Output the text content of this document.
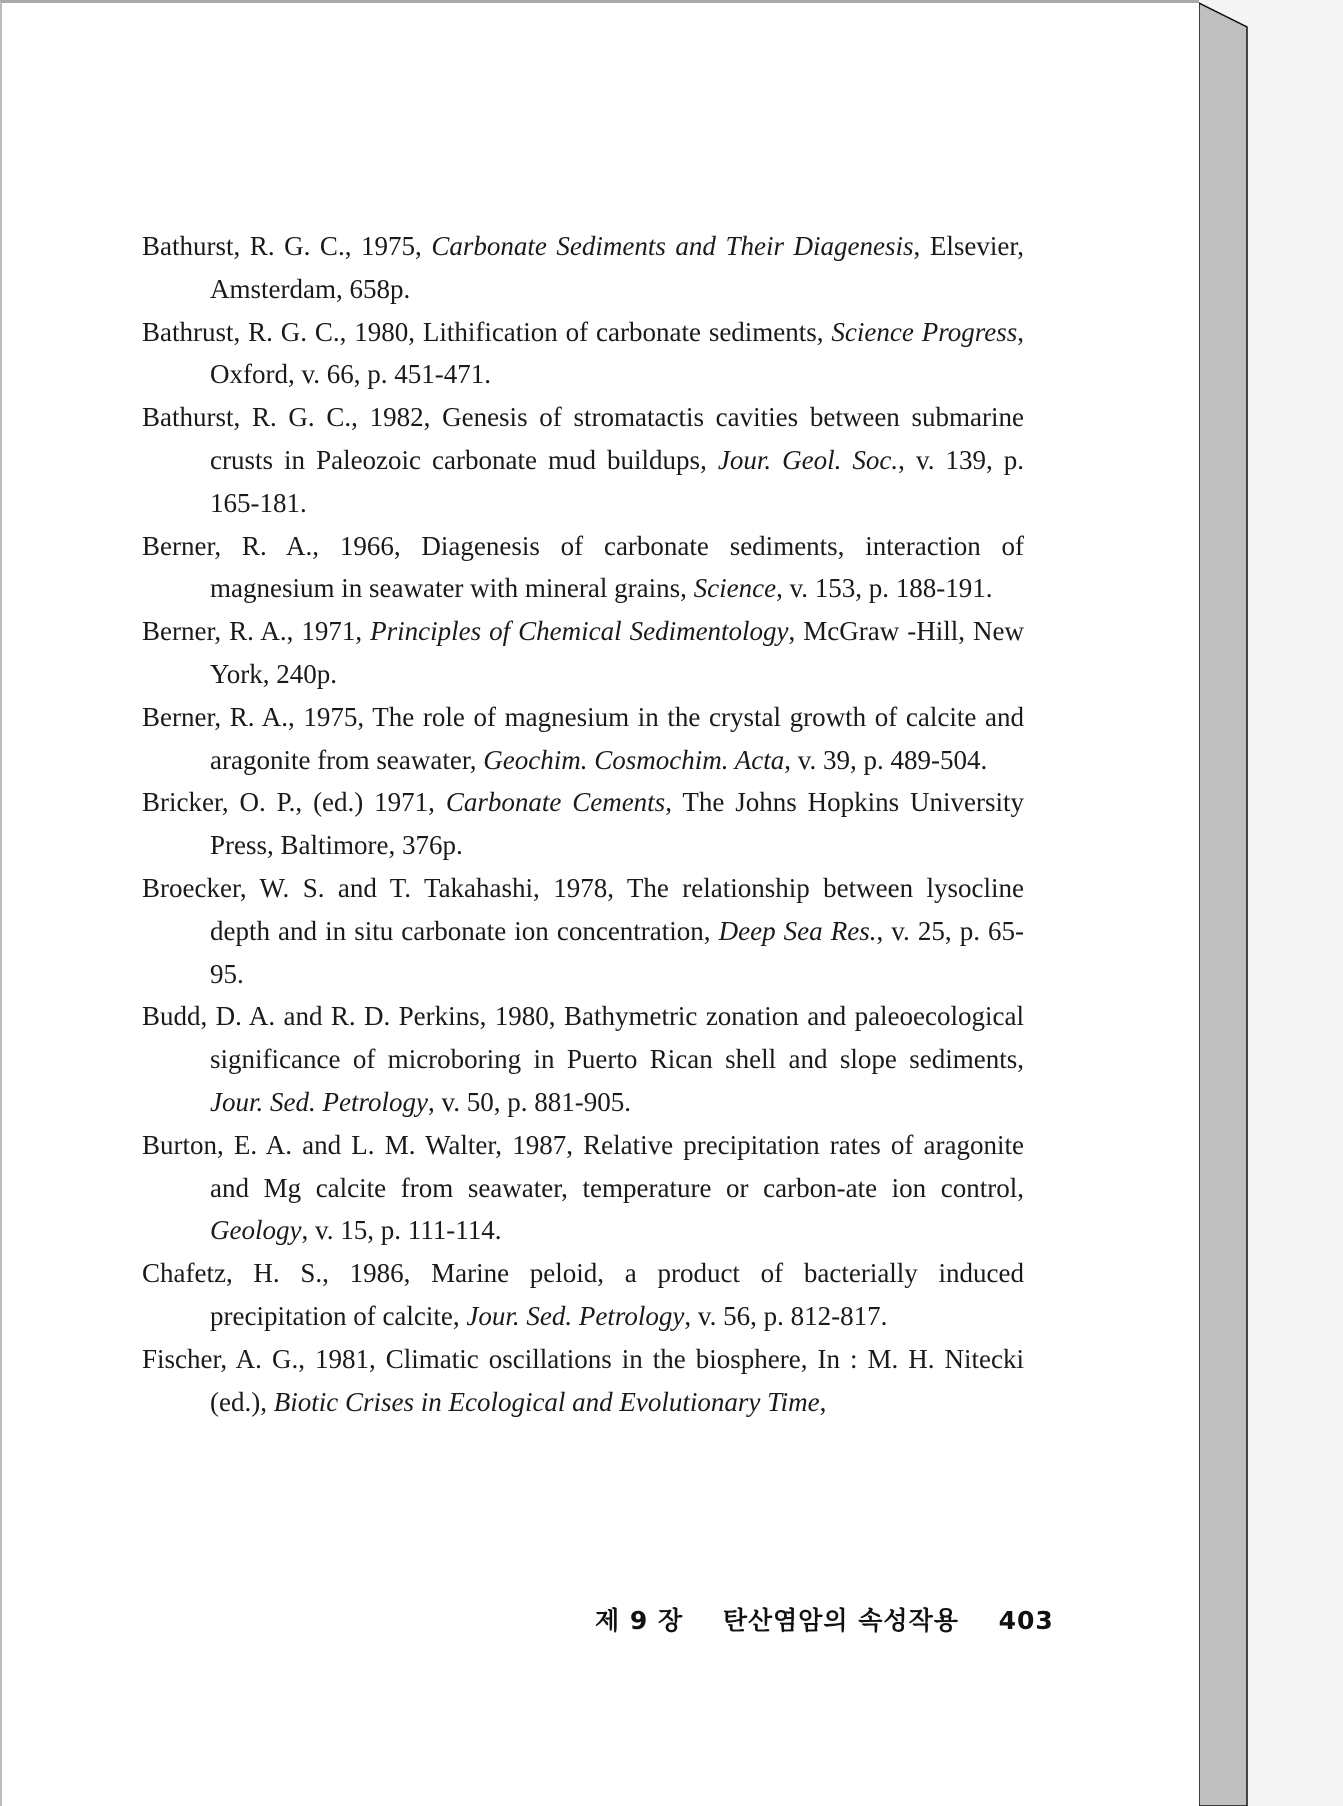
Bathurst, R. G. C., 1975, Carbonate Sediments and Their Diagenesis, Elsevier, Amsterdam, 658p.

Bathrust, R. G. C., 1980, Lithification of carbonate sediments, Science Progress, Oxford, v. 66, p. 451-471.

Bathurst, R. G. C., 1982, Genesis of stromatactis cavities between submarine crusts in Paleozoic carbonate mud buildups, Jour. Geol. Soc., v. 139, p. 165-181.

Berner, R. A., 1966, Diagenesis of carbonate sediments, interaction of magnesium in seawater with mineral grains, Science, v. 153, p. 188-191.

Berner, R. A., 1971, Principles of Chemical Sedimentology, McGraw -Hill, New York, 240p.

Berner, R. A., 1975, The role of magnesium in the crystal growth of calcite and aragonite from seawater, Geochim. Cosmochim. Acta, v. 39, p. 489-504.

Bricker, O. P., (ed.) 1971, Carbonate Cements, The Johns Hopkins University Press, Baltimore, 376p.

Broecker, W. S. and T. Takahashi, 1978, The relationship between lysocline depth and in situ carbonate ion concentration, Deep Sea Res., v. 25, p. 65-95.

Budd, D. A. and R. D. Perkins, 1980, Bathymetric zonation and paleoecological significance of microboring in Puerto Rican shell and slope sediments, Jour. Sed. Petrology, v. 50, p. 881-905.

Burton, E. A. and L. M. Walter, 1987, Relative precipitation rates of aragonite and Mg calcite from seawater, temperature or carbon-ate ion control, Geology, v. 15, p. 111-114.

Chafetz, H. S., 1986, Marine peloid, a product of bacterially induced precipitation of calcite, Jour. Sed. Petrology, v. 56, p. 812-817.

Fischer, A. G., 1981, Climatic oscillations in the biosphere, In : M. H. Nitecki (ed.), Biotic Crises in Ecological and Evolutionary Time,

제 9 장 탄산염암의 속성작용 403
